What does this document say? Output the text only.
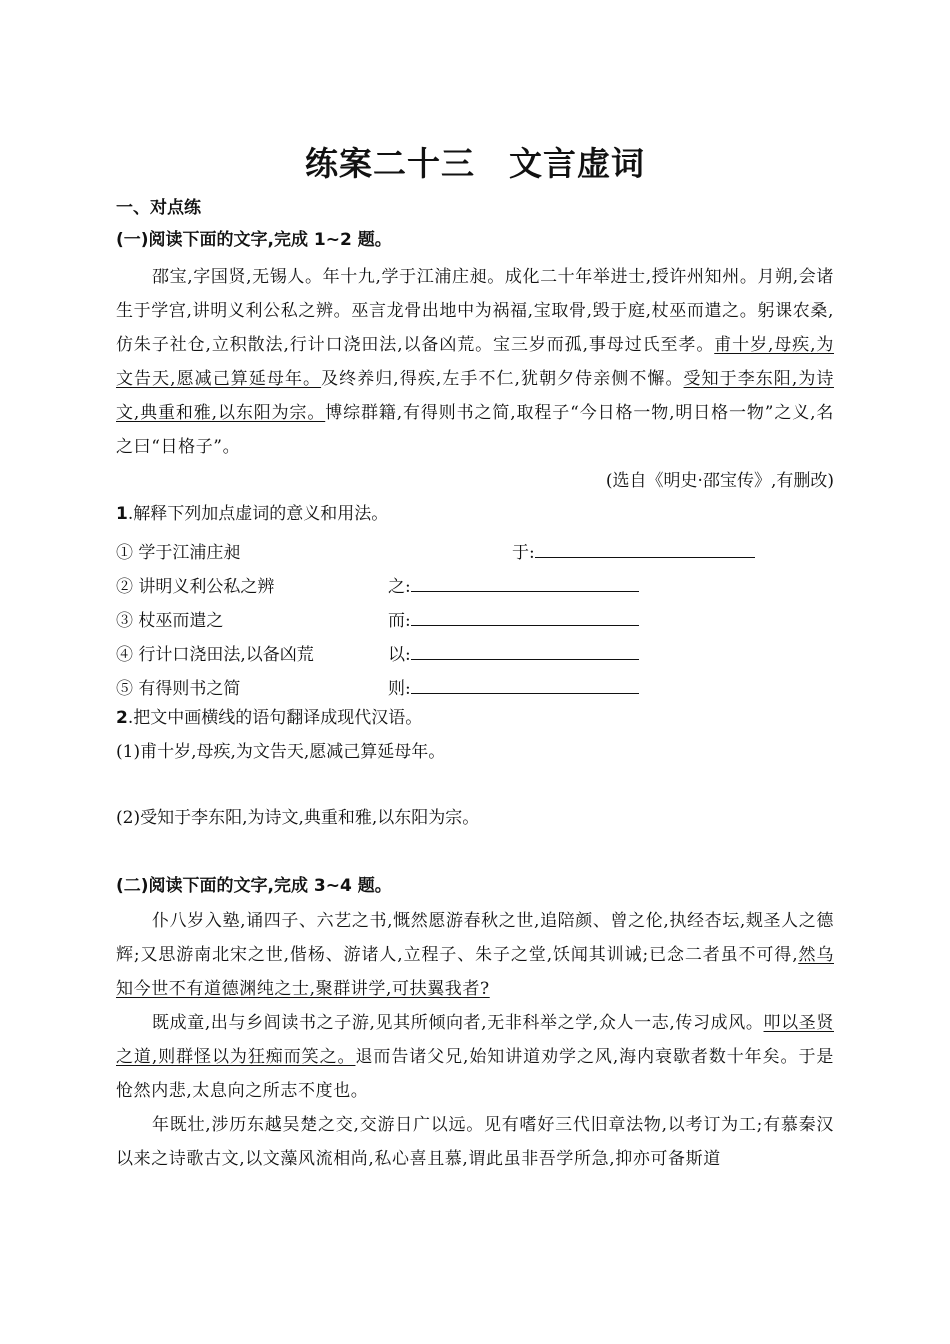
练案二十三　文言虚词
一、对点练
(一)阅读下面的文字,完成 1~2 题。
邵宝,字国贤,无锡人。年十九,学于江浦庄昶。成化二十年举进士,授许州知州。月朔,会诸生于学宫,讲明义利公私之辨。巫言龙骨出地中为祸福,宝取骨,毁于庭,杖巫而遣之。躬课农桑,仿朱子社仓,立积散法,行计口浇田法,以备凶荒。宝三岁而孤,事母过氏至孝。甫十岁,母疾,为文告天,愿减己算延母年。及终养归,得疾,左手不仁,犹朝夕侍亲侧不懈。受知于李东阳,为诗文,典重和雅,以东阳为宗。博综群籍,有得则书之简,取程子“今日格一物,明日格一物”之义,名之曰“日格子”。
(选自《明史·邵宝传》,有删改)
1.解释下列加点虚词的意义和用法。
① 学于江浦庄昶	于:
② 讲明义利公私之辨	之:
③ 杖巫而遣之	而:
④ 行计口浇田法,以备凶荒	以:
⑤ 有得则书之简	则:
2.把文中画横线的语句翻译成现代汉语。
(1)甫十岁,母疾,为文告天,愿减己算延母年。
(2)受知于李东阳,为诗文,典重和雅,以东阳为宗。
(二)阅读下面的文字,完成 3~4 题。
仆八岁入塾,诵四子、六艺之书,慨然愿游春秋之世,追陪颜、曾之伦,执经杏坛,觌圣人之德辉;又思游南北宋之世,偕杨、游诸人,立程子、朱子之堂,饫闻其训诫;已念二者虽不可得,然乌知今世不有道德渊纯之士,聚群讲学,可扶翼我者?
既成童,出与乡闾读书之子游,见其所倾向者,无非科举之学,众人一志,传习成风。叩以圣贤之道,则群怪以为狂痴而笑之。退而告诸父兄,始知讲道劝学之风,海内衰歇者数十年矣。于是怆然内悲,太息向之所志不度也。
年既壮,涉历东越吴楚之交,交游日广以远。见有嗜好三代旧章法物,以考订为工;有慕秦汉以来之诗歌古文,以文藻风流相尚,私心喜且慕,谓此虽非吾学所急,抑亦可备斯道
